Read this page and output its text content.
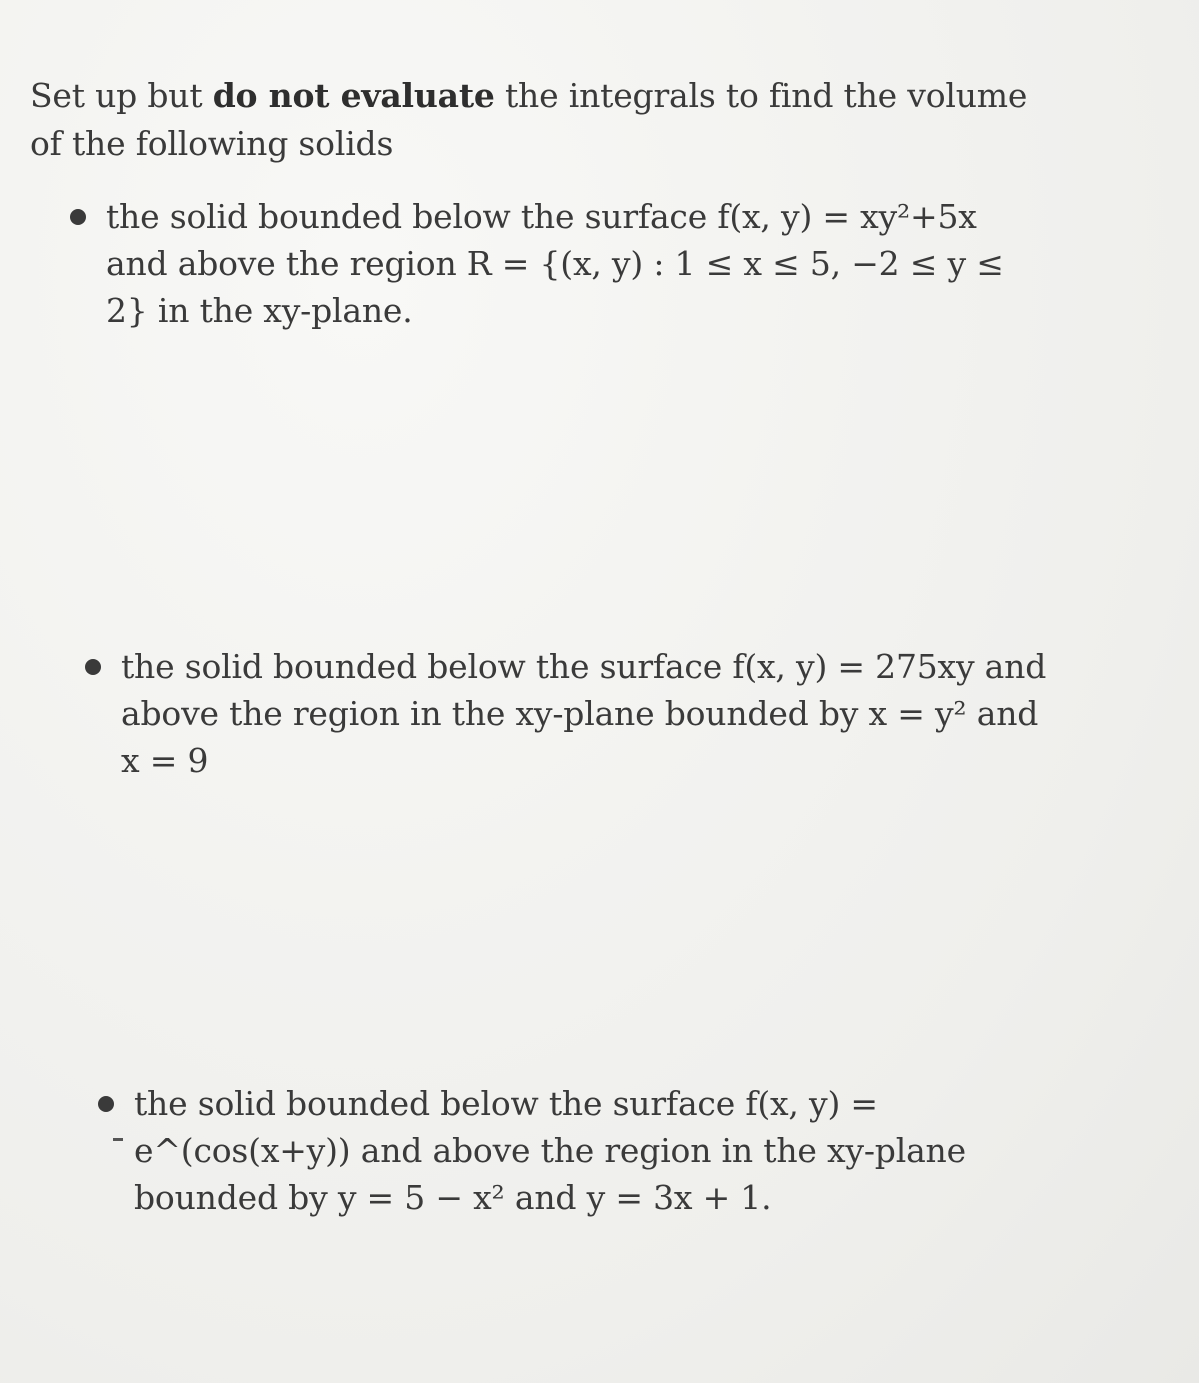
Set up but do not evaluate the integrals to find the volume of the following solids
the solid bounded below the surface f(x, y) = xy²+5x and above the region R = {(x, y) : 1 ≤ x ≤ 5, −2 ≤ y ≤ 2} in the xy-plane.
the solid bounded below the surface f(x, y) = 275xy and above the region in the xy-plane bounded by x = y² and x = 9
the solid bounded below the surface f(x, y) = e^(cos(x+y)) and above the region in the xy-plane bounded by y = 5 − x² and y = 3x + 1.
